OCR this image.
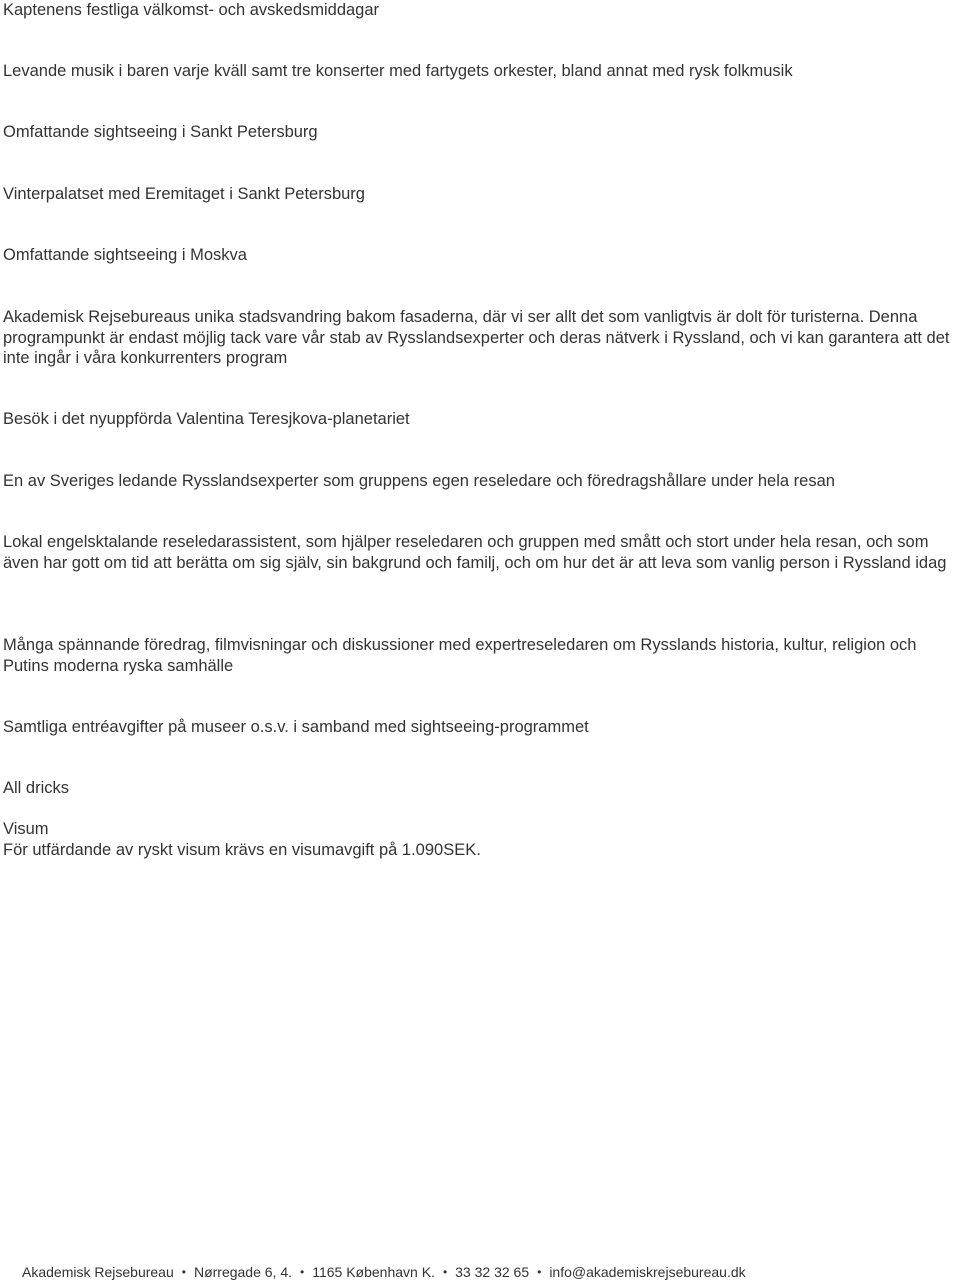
Kaptenens festliga välkomst- och avskedsmiddagar

Levande musik i baren varje kväll samt tre konserter med fartygets orkester, bland annat med rysk folkmusik

Omfattande sightseeing i Sankt Petersburg

Vinterpalatset med Eremitaget i Sankt Petersburg

Omfattande sightseeing i Moskva

Akademisk Rejsebureaus unika stadsvandring bakom fasaderna, där vi ser allt det som vanligtvis är dolt för turisterna. Denna programpunkt är endast möjlig tack vare vår stab av Rysslandsexperter och deras nätverk i Ryssland, och vi kan garantera att det inte ingår i våra konkurrenters program

Besök i det nyuppförda Valentina Teresjkova-planetariet

En av Sveriges ledande Rysslandsexperter som gruppens egen reseledare och föredragshållare under hela resan

Lokal engelsktalande reseledarassistent, som hjälper reseledaren och gruppen med smått och stort under hela resan, och som även har gott om tid att berätta om sig själv, sin bakgrund och familj, och om hur det är att leva som vanlig person i Ryssland idag

Många spännande föredrag, filmvisningar och diskussioner med expertreseledaren om Rysslands historia, kultur, religion och Putins moderna ryska samhälle

Samtliga entréavgifter på museer o.s.v. i samband med sightseeing-programmet

All dricks

Visum
För utfärdande av ryskt visum krävs en visumavgift på 1.090SEK.
Akademisk Rejsebureau • Nørregade 6, 4. • 1165 København K. • 33 32 32 65 • info@akademiskrejsebureau.dk
